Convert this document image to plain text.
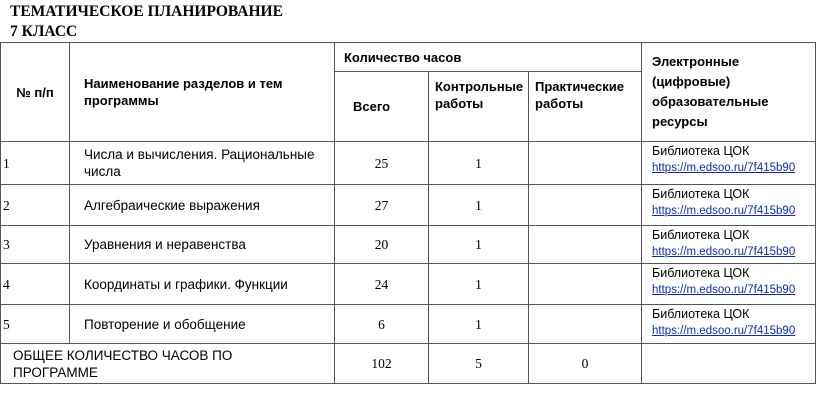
ТЕМАТИЧЕСКОЕ ПЛАНИРОВАНИЕ
7 КЛАСС
№ п/п	Наименование разделов и тем программы	Количество часов			Электронные (цифровые) образовательные ресурсы
		Всего	Контрольные работы	Практические работы	
1	Числа и вычисления. Рациональные числа	25	1		Библиотека ЦОК
https://m.edsoo.ru/7f415b90
2	Алгебраические выражения	27	1		Библиотека ЦОК
https://m.edsoo.ru/7f415b90
3	Уравнения и неравенства	20	1		Библиотека ЦОК
https://m.edsoo.ru/7f415b90
4	Координаты и графики. Функции	24	1		Библиотека ЦОК
https://m.edsoo.ru/7f415b90
5	Повторение и обобщение	6	1		Библиотека ЦОК
https://m.edsoo.ru/7f415b90
ОБЩЕЕ КОЛИЧЕСТВО ЧАСОВ ПО ПРОГРАММЕ		102	5	0	
